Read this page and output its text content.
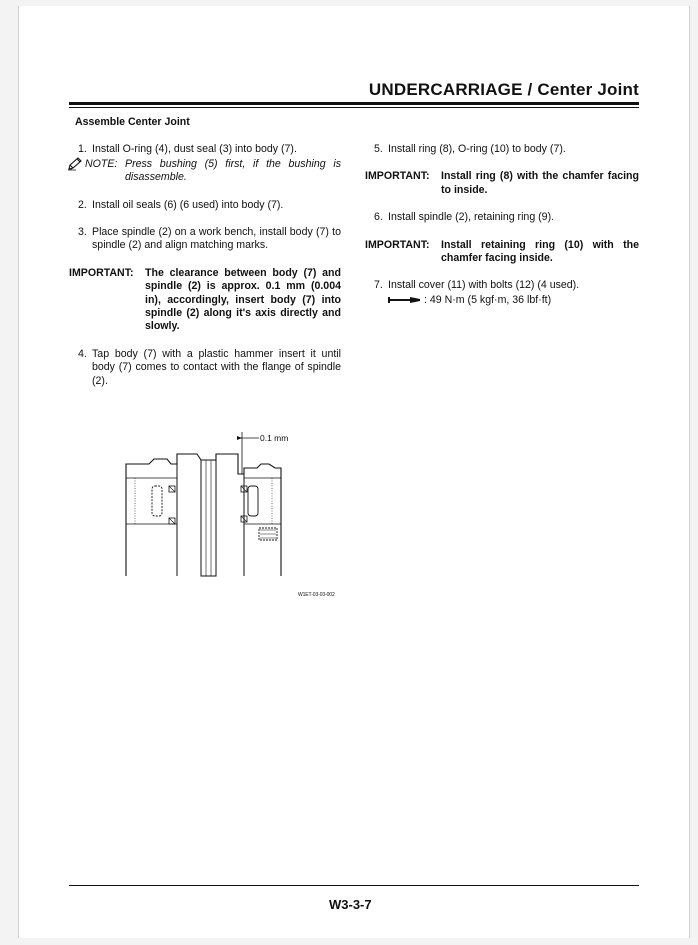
UNDERCARRIAGE / Center Joint
Assemble Center Joint
1. Install O-ring (4), dust seal (3) into body (7).
NOTE: Press bushing (5) first, if the bushing is disassemble.
2. Install oil seals (6) (6 used) into body (7).
3. Place spindle (2) on a work bench, install body (7) to spindle (2) and align matching marks.
IMPORTANT: The clearance between body (7) and spindle (2) is approx. 0.1 mm (0.004 in), accordingly, insert body (7) into spindle (2) along it's axis directly and slowly.
4. Tap body (7) with a plastic hammer insert it until body (7) comes to contact with the flange of spindle (2).
5. Install ring (8), O-ring (10) to body (7).
IMPORTANT: Install ring (8) with the chamfer facing to inside.
6. Install spindle (2), retaining ring (9).
IMPORTANT: Install retaining ring (10) with the chamfer facing inside.
7. Install cover (11) with bolts (12) (4 used).
: 49 N·m (5 kgf·m, 36 lbf·ft)
0.1 mm
W1ET-03-03-002
W3-3-7
